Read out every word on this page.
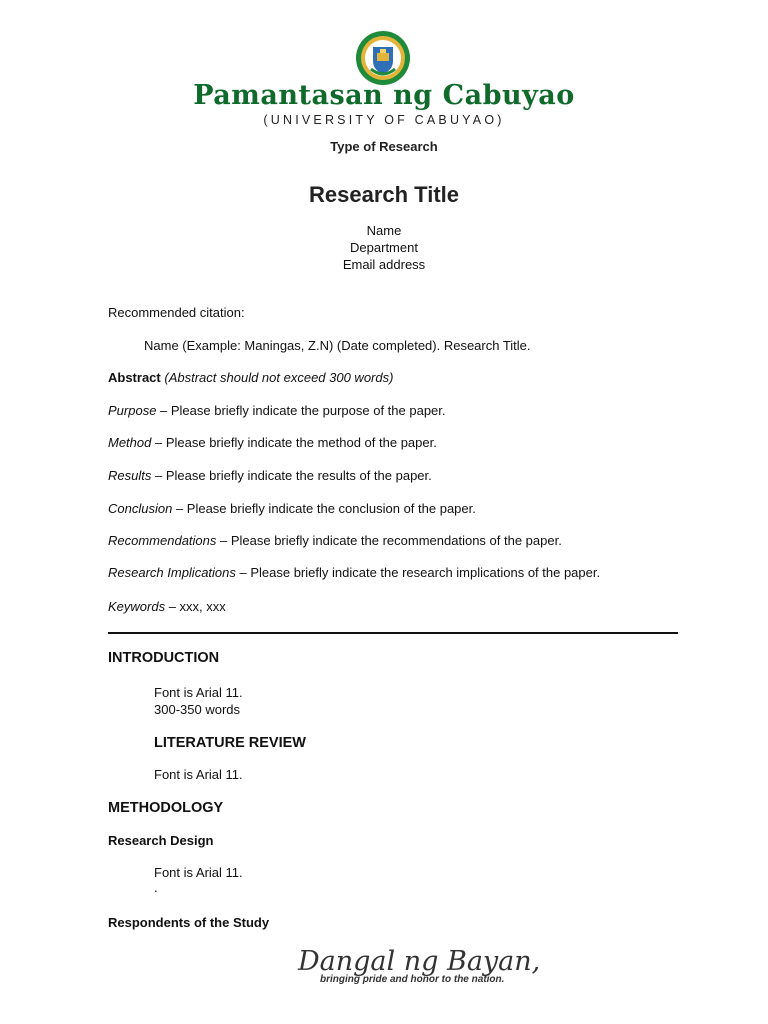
Pamantasan ng Cabuyao
(UNIVERSITY OF CABUYAO)
Type of Research
Research Title
Name
Department
Email address
Recommended citation:
Name (Example: Maningas, Z.N) (Date completed). Research Title.
Abstract (Abstract should not exceed 300 words)
Purpose – Please briefly indicate the purpose of the paper.
Method – Please briefly indicate the method of the paper.
Results – Please briefly indicate the results of the paper.
Conclusion – Please briefly indicate the conclusion of the paper.
Recommendations – Please briefly indicate the recommendations of the paper.
Research Implications – Please briefly indicate the research implications of the paper.
Keywords – xxx, xxx
INTRODUCTION
Font is Arial 11.
300-350 words
LITERATURE REVIEW
Font is Arial 11.
METHODOLOGY
Research Design
Font is Arial 11.
.
Respondents of the Study
Dangal ng Bayan,
bringing pride and honor to the nation.
